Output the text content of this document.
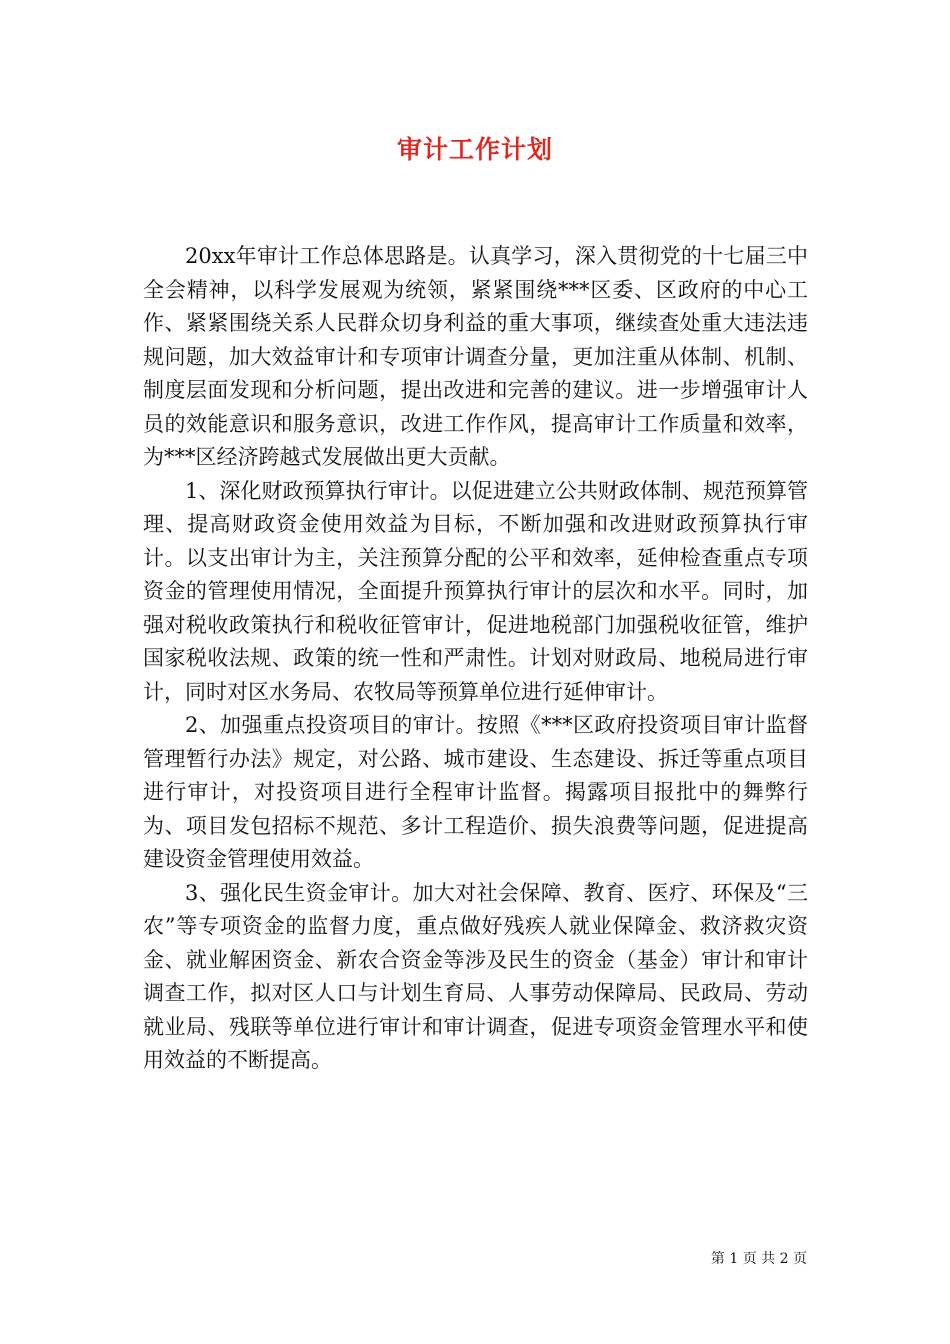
审计工作计划

20xx年审计工作总体思路是。认真学习，深入贯彻党的十七届三中全会精神，以科学发展观为统领，紧紧围绕***区委、区政府的中心工作、紧紧围绕关系人民群众切身利益的重大事项，继续查处重大违法违规问题，加大效益审计和专项审计调查分量，更加注重从体制、机制、制度层面发现和分析问题，提出改进和完善的建议。进一步增强审计人员的效能意识和服务意识，改进工作作风，提高审计工作质量和效率，为***区经济跨越式发展做出更大贡献。

1、深化财政预算执行审计。以促进建立公共财政体制、规范预算管理、提高财政资金使用效益为目标，不断加强和改进财政预算执行审计。以支出审计为主，关注预算分配的公平和效率，延伸检查重点专项资金的管理使用情况，全面提升预算执行审计的层次和水平。同时，加强对税收政策执行和税收征管审计，促进地税部门加强税收征管，维护国家税收法规、政策的统一性和严肃性。计划对财政局、地税局进行审计，同时对区水务局、农牧局等预算单位进行延伸审计。

2、加强重点投资项目的审计。按照《***区政府投资项目审计监督管理暂行办法》规定，对公路、城市建设、生态建设、拆迁等重点项目进行审计，对投资项目进行全程审计监督。揭露项目报批中的舞弊行为、项目发包招标不规范、多计工程造价、损失浪费等问题，促进提高建设资金管理使用效益。

3、强化民生资金审计。加大对社会保障、教育、医疗、环保及“三农”等专项资金的监督力度，重点做好残疾人就业保障金、救济救灾资金、就业解困资金、新农合资金等涉及民生的资金（基金）审计和审计调查工作，拟对区人口与计划生育局、人事劳动保障局、民政局、劳动就业局、残联等单位进行审计和审计调查，促进专项资金管理水平和使用效益的不断提高。

第 1 页 共 2 页
